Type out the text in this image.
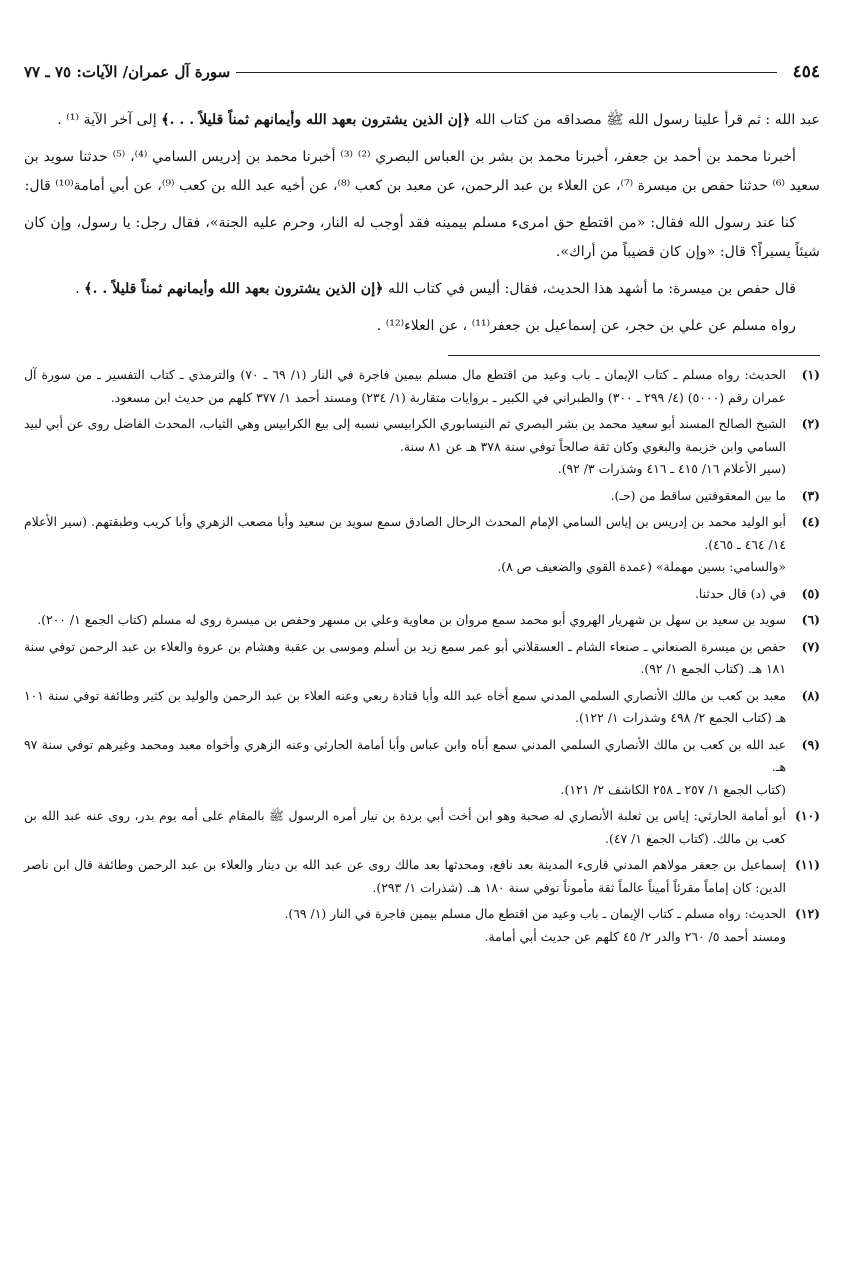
٤٥٤
سورة آل عمران/ الآيات: ٧٥ ـ ٧٧

عبد الله : ثم قرأ علينا رسول الله ﷺ مصداقه من كتاب الله ﴿إن الذين يشترون بعهد الله وأيمانهم ثمناً قليلاً . . .﴾ إلى آخر الآية ⁽¹⁾ .

أخبرنا محمد بن أحمد بن جعفر، أخبرنا محمد بن بشر بن العباس البصري ⁽²⁾ ⁽³⁾ أخبرنا محمد بن إدريس السامي ⁽⁴⁾، ⁽⁵⁾ حدثنا سويد بن سعيد ⁽⁶⁾ حدثنا حفص بن ميسرة ⁽⁷⁾، عن العلاء بن عبد الرحمن، عن معبد بن كعب ⁽⁸⁾، عن أخيه عبد الله بن كعب ⁽⁹⁾، عن أبي أمامة⁽¹⁰⁾ قال:

كنا عند رسول الله فقال: «من اقتطع حق امرىء مسلم بيمينه فقد أوجب له النار، وحرم عليه الجنة»، فقال رجل: يا رسول، وإن كان شيئاً يسيراً؟ قال: «وإن كان قضيباً من أراك».

قال حفص بن ميسرة: ما أشهد هذا الحديث، فقال: أليس في كتاب الله ﴿إن الذين يشترون بعهد الله وأيمانهم ثمناً قليلاً . .﴾ .

رواه مسلم عن علي بن حجر، عن إسماعيل بن جعفر⁽¹¹⁾ ، عن العلاء⁽¹²⁾ .

(١)
الحديث: رواه مسلم ـ كتاب الإيمان ـ باب وعيد من اقتطع مال مسلم بيمين فاجرة في النار (١/ ٦٩ ـ ٧٠) والترمذي ـ كتاب التفسير ـ من سورة آل عمران رقم (٥٠٠٠) (٤/ ٢٩٩ ـ ٣٠٠) والطبراني في الكبير ـ بروايات متقاربة (١/ ٢٣٤) ومسند أحمد ١/ ٣٧٧ كلهم من حديث ابن مسعود.
(٢)
الشيخ الصالح المسند أبو سعيد محمد بن بشر البصري ثم النيسابوري الكرابيسي نسبه إلى بيع الكرابيس وهي الثياب، المحدث الفاضل روى عن أبي لبيد السامي وابن خزيمة والبغوي وكان ثقة صالحاً توفي سنة ٣٧٨ هـ عن ٨١ سنة.
(سير الأعلام ١٦/ ٤١٥ ـ ٤١٦ وشذرات ٣/ ٩٢).
(٣)
ما بين المعقوفتين ساقط من (حـ).
(٤)
أبو الوليد محمد بن إدريس بن إياس السامي الإمام المحدث الرحال الصادق سمع سويد بن سعيد وأبا مصعب الزهري وأبا كريب وطبقتهم. (سير الأعلام ١٤/ ٤٦٤ ـ ٤٦٥).
«والسامي: بسين مهملة» (عمدة القوي والضعيف ص ٨).
(٥)
في (د) قال حدثنا.
(٦)
سويد بن سعيد بن سهل بن شهريار الهروي أبو محمد سمع مروان بن معاوية وعلي بن مسهر وحفص بن ميسرة روى له مسلم (كتاب الجمع ١/ ٢٠٠).
(٧)
حفص بن ميسرة الصنعاني ـ صنعاء الشام ـ العسقلاني أبو عمر سمع زيد بن أسلم وموسى بن عقبة وهشام بن عروة والعلاء بن عبد الرحمن توفي سنة ١٨١ هـ. (كتاب الجمع ١/ ٩٢).
(٨)
معبد بن كعب بن مالك الأنصاري السلمي المدني سمع أخاه عبد الله وأبا قتادة ربعي وعنه العلاء بن عبد الرحمن والوليد بن كثير وطائفة توفي سنة ١٠١ هـ (كتاب الجمع ٢/ ٤٩٨ وشذرات ١/ ١٢٢).
(٩)
عبد الله بن كعب بن مالك الأنصاري السلمي المدني سمع أباه وابن عباس وأبا أمامة الحارثي وعنه الزهري وأخواه معبد ومحمد وغيرهم توفي سنة ٩٧ هـ.
(كتاب الجمع ١/ ٢٥٧ ـ ٢٥٨ الكاشف ٢/ ١٢١).
(١٠)
أبو أمامة الحارثي: إياس بن ثعلبة الأنصاري له صحبة وهو ابن أخت أبي بردة بن نيار أمره الرسول ﷺ بالمقام على أمه يوم بدر، روى عنه عبد الله بن كعب بن مالك. (كتاب الجمع ١/ ٤٧).
(١١)
إسماعيل بن جعفر مولاهم المدني قارىء المدينة بعد نافع، ومحدثها بعد مالك روى عن عبد الله بن دينار والعلاء بن عبد الرحمن وطائفة قال ابن ناصر الدين: كان إماماً مقرئاً أميناً عالماً ثقة مأموناً توفي سنة ١٨٠ هـ. (شذرات ١/ ٢٩٣).
(١٢)
الحديث: رواه مسلم ـ كتاب الإيمان ـ باب وعيد من اقتطع مال مسلم بيمين فاجرة في النار (١/ ٦٩).
ومسند أحمد ٥/ ٢٦٠ والدر ٢/ ٤٥ كلهم عن حديث أبي أمامة.
